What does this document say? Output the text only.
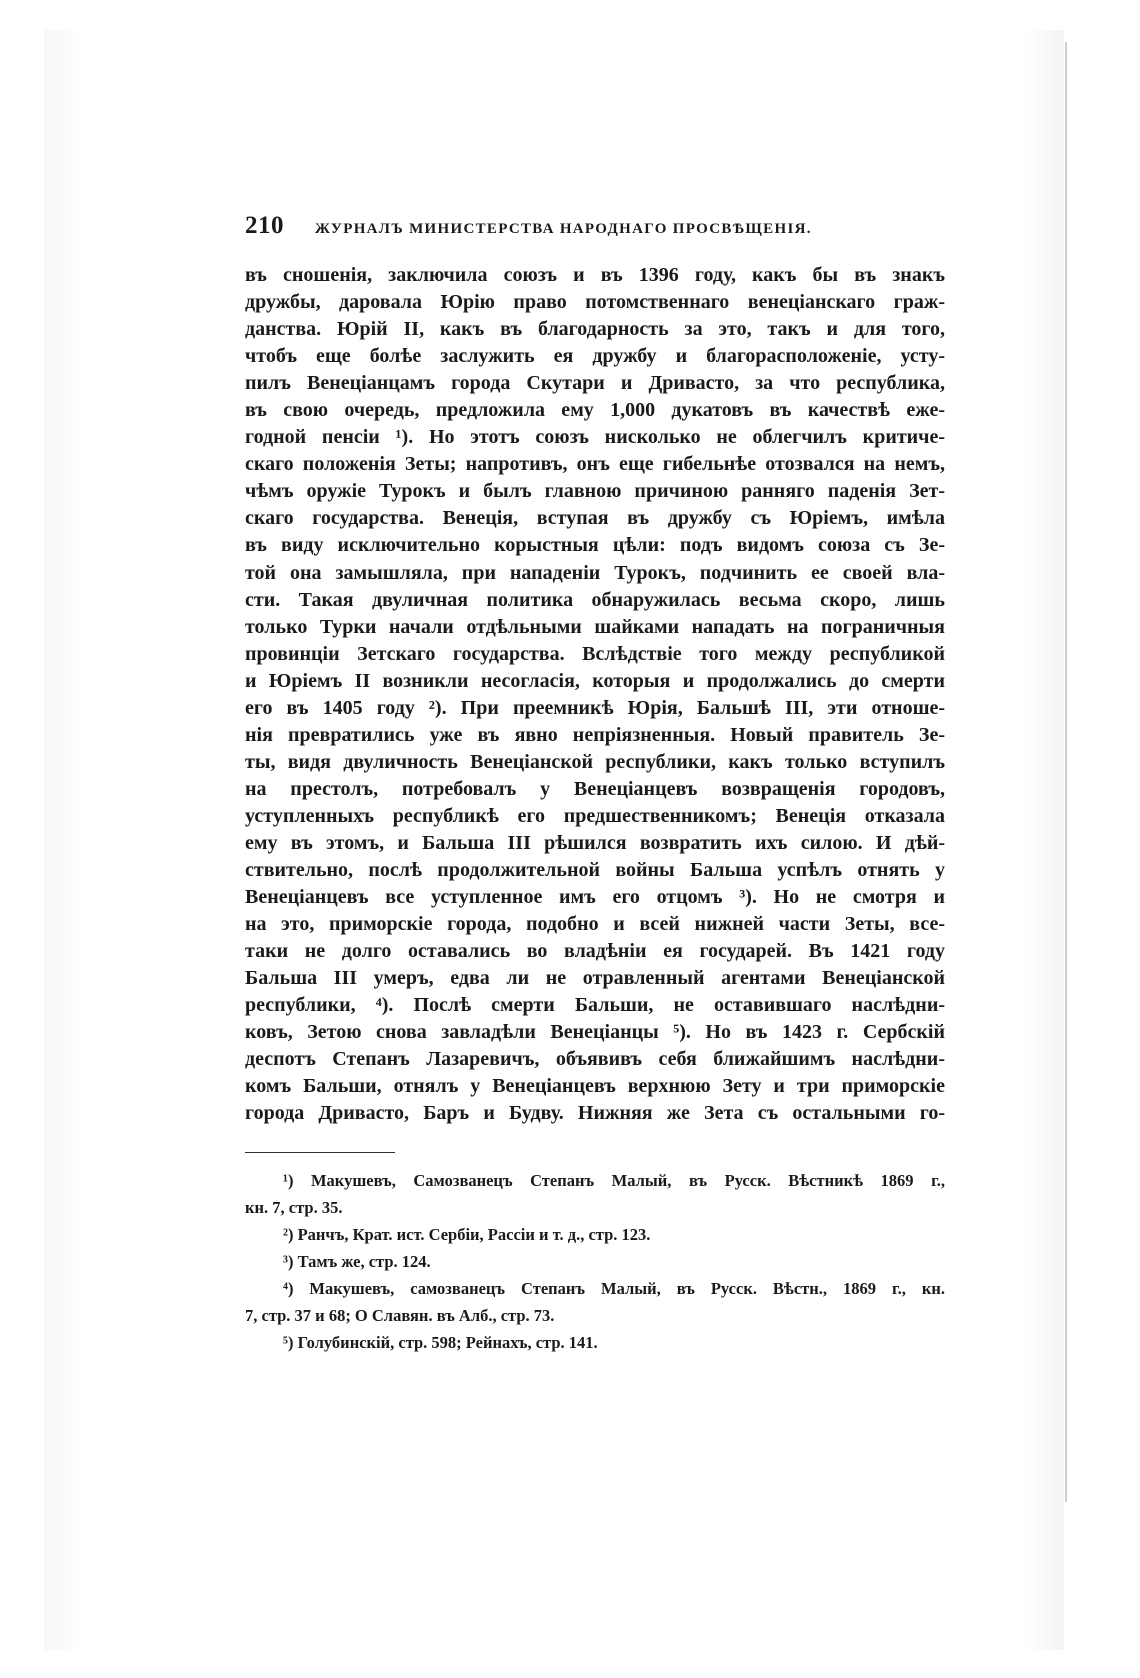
210	ЖУРНАЛЪ МИНИСТЕРСТВА НАРОДНАГО ПРОСВѢЩЕНІЯ.
въ сношенія, заключила союзъ и въ 1396 году, какъ бы въ знакъ
дружбы, даровала Юрію право потомственнаго венеціанскаго граж-
данства. Юрій II, какъ въ благодарность за это, такъ и для того,
чтобъ еще болѣе заслужить ея дружбу и благорасположеніе, усту-
пилъ Венеціанцамъ города Скутари и Дривасто, за что республика,
въ свою очередь, предложила ему 1,000 дукатовъ въ качествѣ еже-
годной пенсіи ¹). Но этотъ союзъ нисколько не облегчилъ критиче-
скаго положенія Зеты; напротивъ, онъ еще гибельнѣе отозвался на немъ,
чѣмъ оружіе Турокъ и былъ главною причиною ранняго паденія Зет-
скаго государства. Венеція, вступая въ дружбу съ Юріемъ, имѣла
въ виду исключительно корыстныя цѣли: подъ видомъ союза съ Зе-
той она замышляла, при нападеніи Турокъ, подчинить ее своей вла-
сти. Такая двуличная политика обнаружилась весьма скоро, лишь
только Турки начали отдѣльными шайками нападать на пограничныя
провинціи Зетскаго государства. Вслѣдствіе того между республикой
и Юріемъ II возникли несогласія, которыя и продолжались до смерти
его въ 1405 году ²). При преемникѣ Юрія, Бальшѣ III, эти отноше-
нія превратились уже въ явно непріязненныя. Новый правитель Зе-
ты, видя двуличность Венеціанской республики, какъ только вступилъ
на престолъ, потребовалъ у Венеціанцевъ возвращенія городовъ,
уступленныхъ республикѣ его предшественникомъ; Венеція отказала
ему въ этомъ, и Бальша III рѣшился возвратить ихъ силою. И дѣй-
ствительно, послѣ продолжительной войны Бальша успѣлъ отнять у
Венеціанцевъ все уступленное имъ его отцомъ ³). Но не смотря и
на это, приморскіе города, подобно и всей нижней части Зеты, все-
таки не долго оставались во владѣніи ея государей. Въ 1421 году
Бальша III умеръ, едва ли не отравленный агентами Венеціанской
республики, ⁴). Послѣ смерти Бальши, не оставившаго наслѣдни-
ковъ, Зетою снова завладѣли Венеціанцы ⁵). Но въ 1423 г. Сербскій
деспотъ Степанъ Лазаревичъ, объявивъ себя ближайшимъ наслѣдни-
комъ Бальши, отнялъ у Венеціанцевъ верхнюю Зету и три приморскіе
города Дривасто, Баръ и Будву. Нижняя же Зета съ остальными го-
¹) Макушевъ, Самозванецъ Степанъ Малый, въ Русск. Вѣстникѣ 1869 г.,
кн. 7, стр. 35.
²) Ранчъ, Крат. ист. Сербіи, Рассіи и т. д., стр. 123.
³) Тамъ же, стр. 124.
⁴) Макушевъ, самозванецъ Степанъ Малый, въ Русск. Вѣстн., 1869 г., кн.
7, стр. 37 и 68; О Славян. въ Алб., стр. 73.
⁵) Голубинскій, стр. 598; Рейнахъ, стр. 141.
